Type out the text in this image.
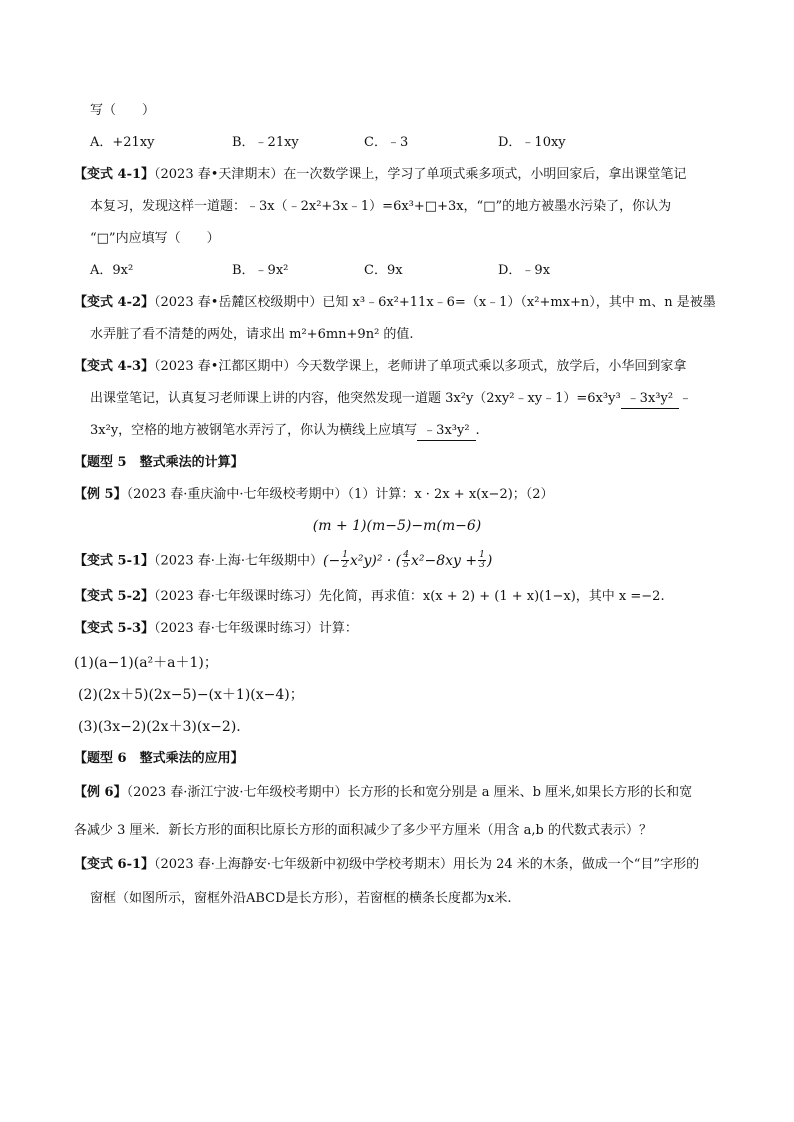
写（　　）
A．+21xy	B．﹣21xy	C．﹣3	D．﹣10xy
【变式 4-1】（2023 春•天津期末）在一次数学课上，学习了单项式乘多项式，小明回家后，拿出课堂笔记
本复习，发现这样一道题：﹣3x（﹣2x²+3x﹣1）=6x³+□+3x，“□”的地方被墨水污染了，你认为
“□”内应填写（　　）
A．9x²	B．﹣9x²	C．9x	D．﹣9x
【变式 4-2】（2023 春•岳麓区校级期中）已知 x³﹣6x²+11x﹣6=（x﹣1）（x²+mx+n），其中 m、n 是被墨
水弄脏了看不清楚的两处，请求出 m²+6mn+9n² 的值.
【变式 4-3】（2023 春•江都区期中）今天数学课上，老师讲了单项式乘以多项式，放学后，小华回到家拿
出课堂笔记，认真复习老师课上讲的内容，他突然发现一道题 3x²y（2xy²﹣xy﹣1）=6x³y³ ﹣3x³y² ﹣
3x²y，空格的地方被钢笔水弄污了，你认为横线上应填写 ﹣3x³y² .
【题型 5　整式乘法的计算】
【例 5】（2023 春·重庆渝中·七年级校考期中）（1）计算：x · 2x + x(x−2)；（2）
(m + 1)(m−5)−m(m−6)
【变式 5-1】（2023 春·上海·七年级期中）(− $\frac{1}{2} x^2y)^2$ · ( $\frac{4}{5} x^2-8xy + \frac{1}{3}$ )
【变式 5-2】（2023 春·七年级课时练习）先化简，再求值：x(x + 2) + (1 + x)(1−x)，其中 x =−2.
【变式 5-3】（2023 春·七年级课时练习）计算：
(1)(a−1)(a²＋a＋1)；
(2)(2x＋5)(2x−5)−(x＋1)(x−4)；
(3)(3x−2)(2x＋3)(x−2).
【题型 6　整式乘法的应用】
【例 6】（2023 春·浙江宁波·七年级校考期中）长方形的长和宽分别是 a 厘米、b 厘米,如果长方形的长和宽
各减少 3 厘米．新长方形的面积比原长方形的面积减少了多少平方厘米（用含 a,b 的代数式表示）？
【变式 6-1】（2023 春·上海静安·七年级新中初级中学校考期末）用长为 24 米的木条，做成一个“目”字形的
窗框（如图所示，窗框外沿ABCD是长方形），若窗框的横条长度都为x米.
